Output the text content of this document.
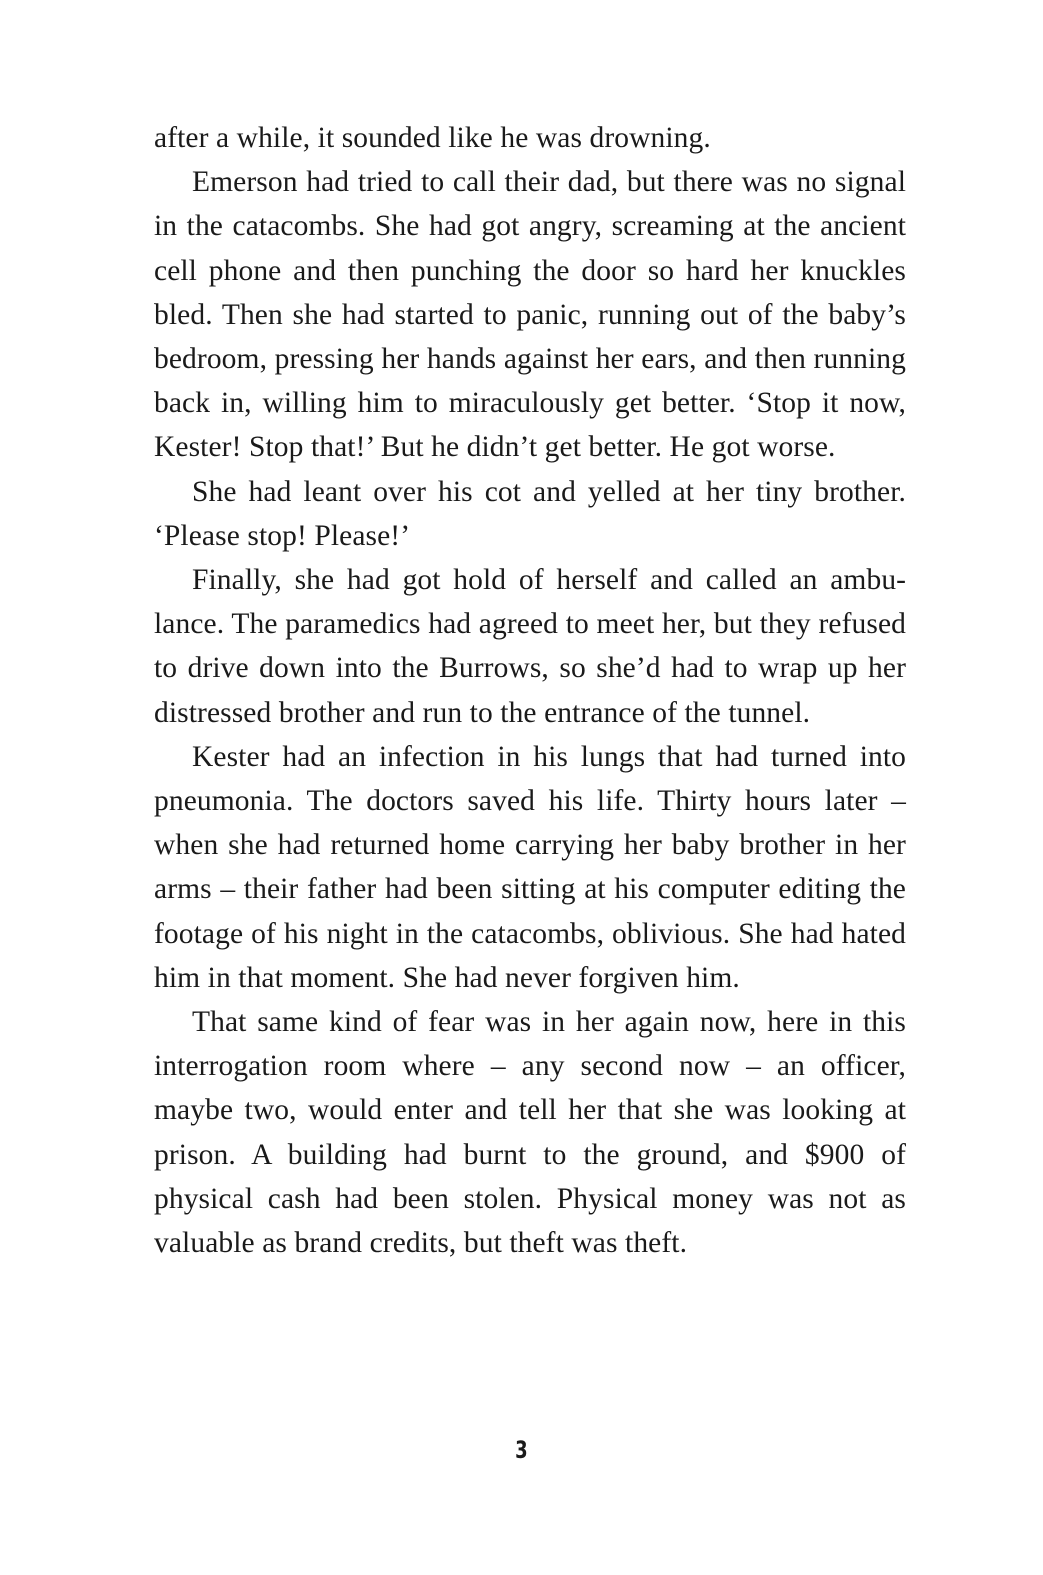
after a while, it sounded like he was drowning.

Emerson had tried to call their dad, but there was no signal in the catacombs. She had got angry, screaming at the ancient cell phone and then punching the door so hard her knuckles bled. Then she had started to panic, running out of the baby’s bedroom, pressing her hands against her ears, and then running back in, willing him to miraculously get better. ‘Stop it now, Kester! Stop that!’ But he didn’t get better. He got worse.

She had leant over his cot and yelled at her tiny brother. ‘Please stop! Please!’

Finally, she had got hold of herself and called an ambulance. The paramedics had agreed to meet her, but they refused to drive down into the Burrows, so she’d had to wrap up her distressed brother and run to the entrance of the tunnel.

Kester had an infection in his lungs that had turned into pneumonia. The doctors saved his life. Thirty hours later – when she had returned home carrying her baby brother in her arms – their father had been sitting at his computer editing the footage of his night in the catacombs, oblivious. She had hated him in that moment. She had never forgiven him.

That same kind of fear was in her again now, here in this interrogation room where – any second now – an officer, maybe two, would enter and tell her that she was looking at prison. A building had burnt to the ground, and $900 of physical cash had been stolen. Physical money was not as valuable as brand credits, but theft was theft.

3
